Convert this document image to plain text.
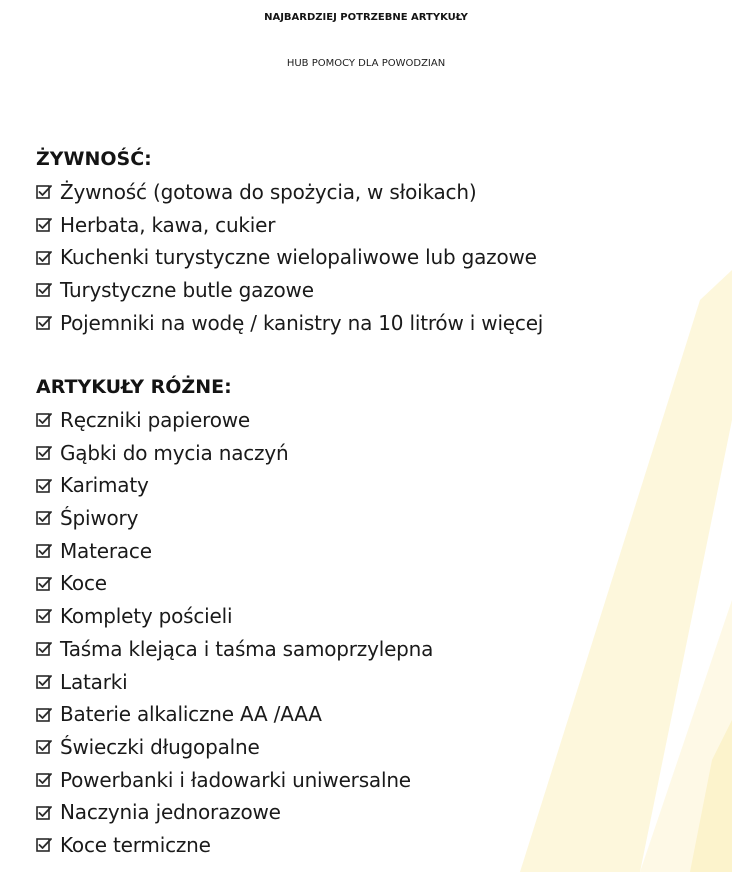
NAJBARDZIEJ POTRZEBNE ARTYKUŁY
HUB POMOCY DLA POWODZIAN
ŻYWNOŚĆ:
Żywność (gotowa do spożycia, w słoikach)
Herbata, kawa, cukier
Kuchenki turystyczne wielopaliwowe lub gazowe
Turystyczne butle gazowe
Pojemniki na wodę / kanistry na 10 litrów i więcej
ARTYKUŁY RÓŻNE:
Ręczniki papierowe
Gąbki do mycia naczyń
Karimaty
Śpiwory
Materace
Koce
Komplety pościeli
Taśma klejąca i taśma samoprzylepna
Latarki
Baterie alkaliczne AA /AAA
Świeczki długopalne
Powerbanki i ładowarki uniwersalne
Naczynia jednorazowe
Koce termiczne
